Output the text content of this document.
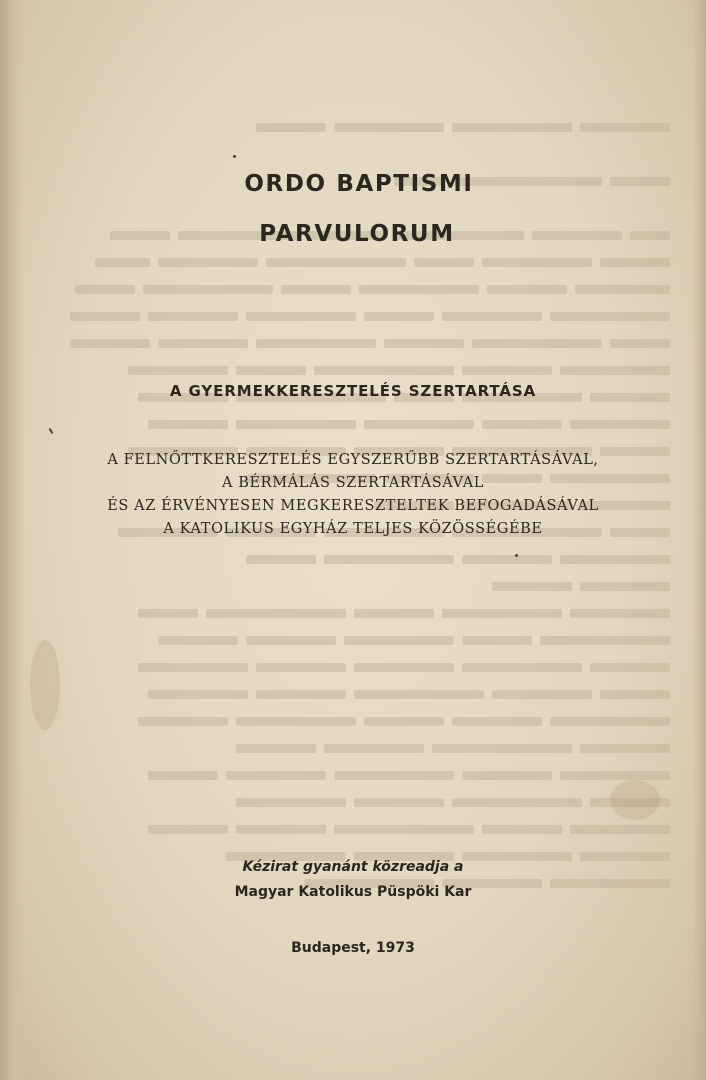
ORDO BAPTISMI
PARVULORUM
A GYERMEKKERESZTELÉS SZERTARTÁSA
A FELNŐTTKERESZTELÉS EGYSZERŰBB SZERTARTÁSÁVAL,
A BÉRMÁLÁS SZERTARTÁSÁVAL
ÉS AZ ÉRVÉNYESEN MEGKERESZTELTEK BEFOGADÁSÁVAL
A KATOLIKUS EGYHÁZ TELJES KÖZÖSSÉGÉBE
Kézirat gyanánt közreadja a
Magyar Katolikus Püspöki Kar
Budapest, 1973
